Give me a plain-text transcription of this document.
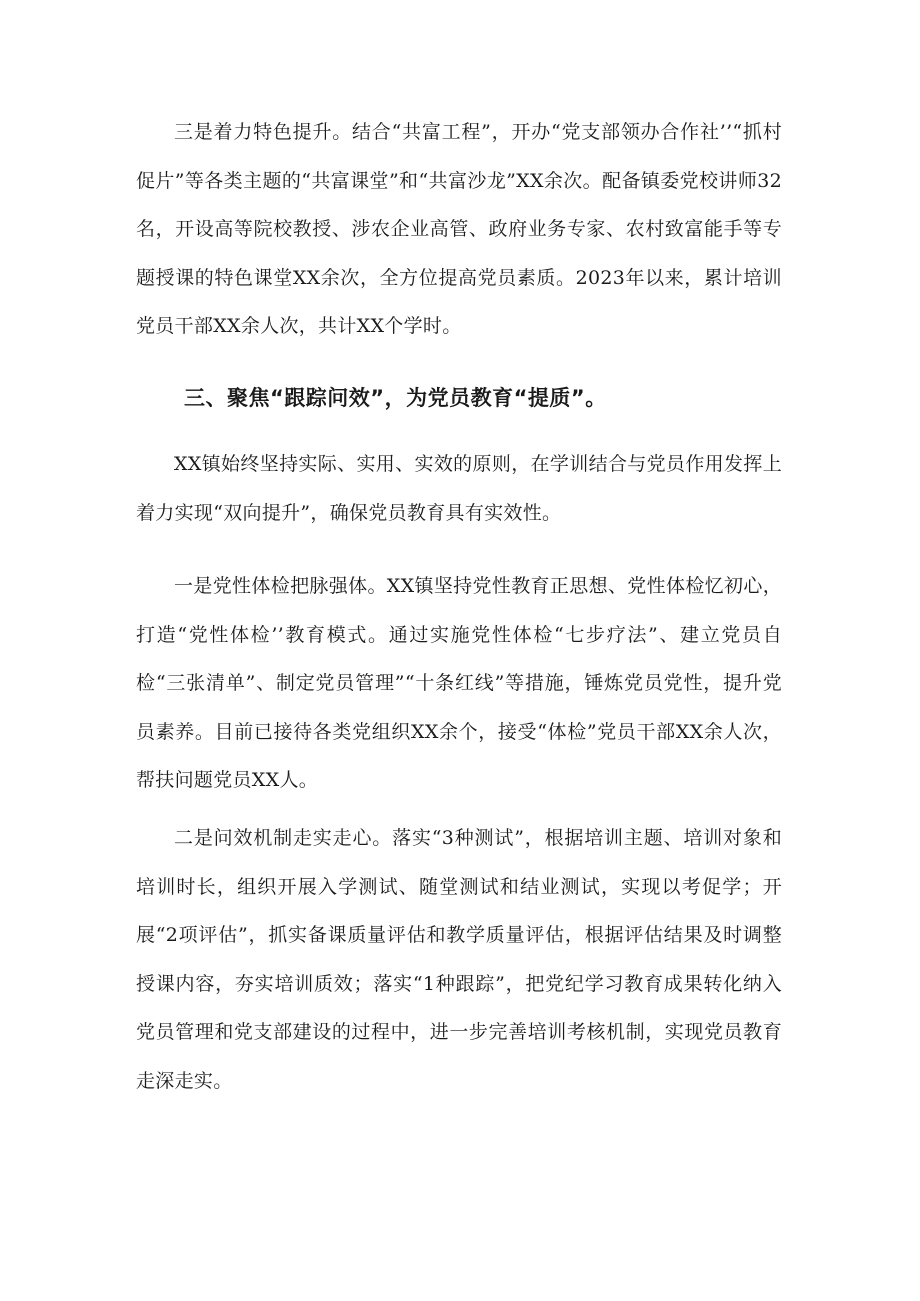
三是着力特色提升。结合“共富工程”，开办“党支部领办合作社’’“抓村促片”等各类主题的“共富课堂”和“共富沙龙”XX余次。配备镇委党校讲师32名，开设高等院校教授、涉农企业高管、政府业务专家、农村致富能手等专题授课的特色课堂XX余次，全方位提高党员素质。2023年以来，累计培训党员干部XX余人次，共计XX个学时。

三、聚焦“跟踪问效”，为党员教育“提质”。

XX镇始终坚持实际、实用、实效的原则，在学训结合与党员作用发挥上着力实现“双向提升”，确保党员教育具有实效性。

一是党性体检把脉强体。XX镇坚持党性教育正思想、党性体检忆初心，打造“党性体检’’教育模式。通过实施党性体检“七步疗法”、建立党员自检“三张清单”、制定党员管理”“十条红线”等措施，锤炼党员党性，提升党员素养。目前已接待各类党组织XX余个，接受“体检”党员干部XX余人次，帮扶问题党员XX人。

二是问效机制走实走心。落实“3种测试”，根据培训主题、培训对象和培训时长，组织开展入学测试、随堂测试和结业测试，实现以考促学；开展“2项评估”，抓实备课质量评估和教学质量评估，根据评估结果及时调整授课内容，夯实培训质效；落实“1种跟踪”，把党纪学习教育成果转化纳入党员管理和党支部建设的过程中，进一步完善培训考核机制，实现党员教育走深走实。
